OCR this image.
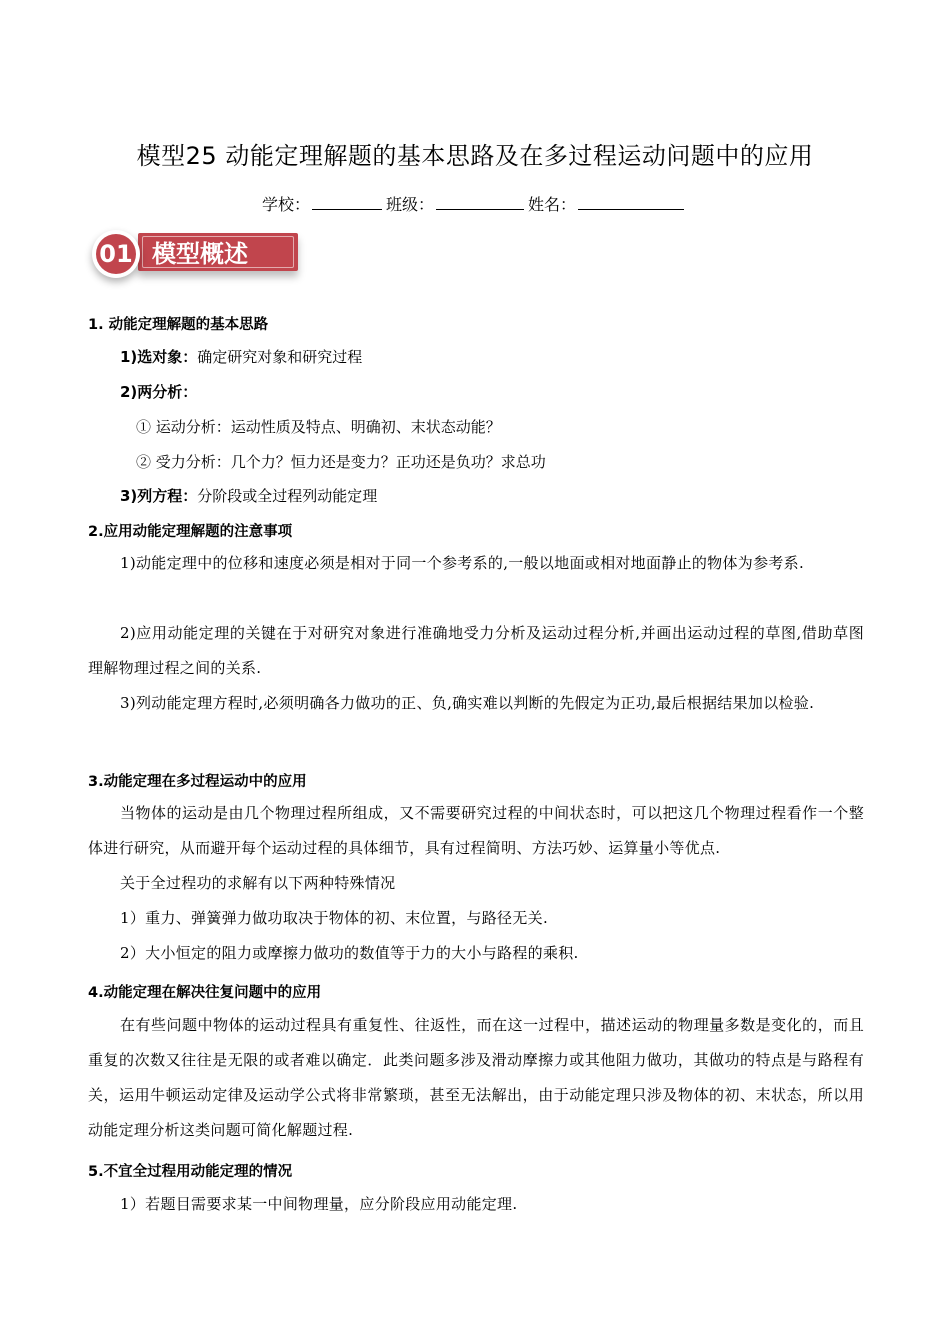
模型25 动能定理解题的基本思路及在多过程运动问题中的应用
学校：	班级：	姓名：
模型概述
01
1. 动能定理解题的基本思路
1)选对象：确定研究对象和研究过程
2)两分析：
① 运动分析：运动性质及特点、明确初、末状态动能？
② 受力分析：几个力？恒力还是变力？正功还是负功？求总功
3)列方程：分阶段或全过程列动能定理
2.应用动能定理解题的注意事项
1)动能定理中的位移和速度必须是相对于同一个参考系的,一般以地面或相对地面静止的物体为参考系.
2)应用动能定理的关键在于对研究对象进行准确地受力分析及运动过程分析,并画出运动过程的草图,借助草图理解物理过程之间的关系.
3)列动能定理方程时,必须明确各力做功的正、负,确实难以判断的先假定为正功,最后根据结果加以检验.
3.动能定理在多过程运动中的应用
当物体的运动是由几个物理过程所组成，又不需要研究过程的中间状态时，可以把这几个物理过程看作一个整体进行研究，从而避开每个运动过程的具体细节，具有过程简明、方法巧妙、运算量小等优点.
关于全过程功的求解有以下两种特殊情况
1）重力、弹簧弹力做功取决于物体的初、末位置，与路径无关.
2）大小恒定的阻力或摩擦力做功的数值等于力的大小与路程的乘积.
4.动能定理在解决往复问题中的应用
在有些问题中物体的运动过程具有重复性、往返性，而在这一过程中，描述运动的物理量多数是变化的，而且重复的次数又往往是无限的或者难以确定．此类问题多涉及滑动摩擦力或其他阻力做功，其做功的特点是与路程有关，运用牛顿运动定律及运动学公式将非常繁琐，甚至无法解出，由于动能定理只涉及物体的初、末状态，所以用动能定理分析这类问题可简化解题过程.
5.不宜全过程用动能定理的情况
1）若题目需要求某一中间物理量，应分阶段应用动能定理.
